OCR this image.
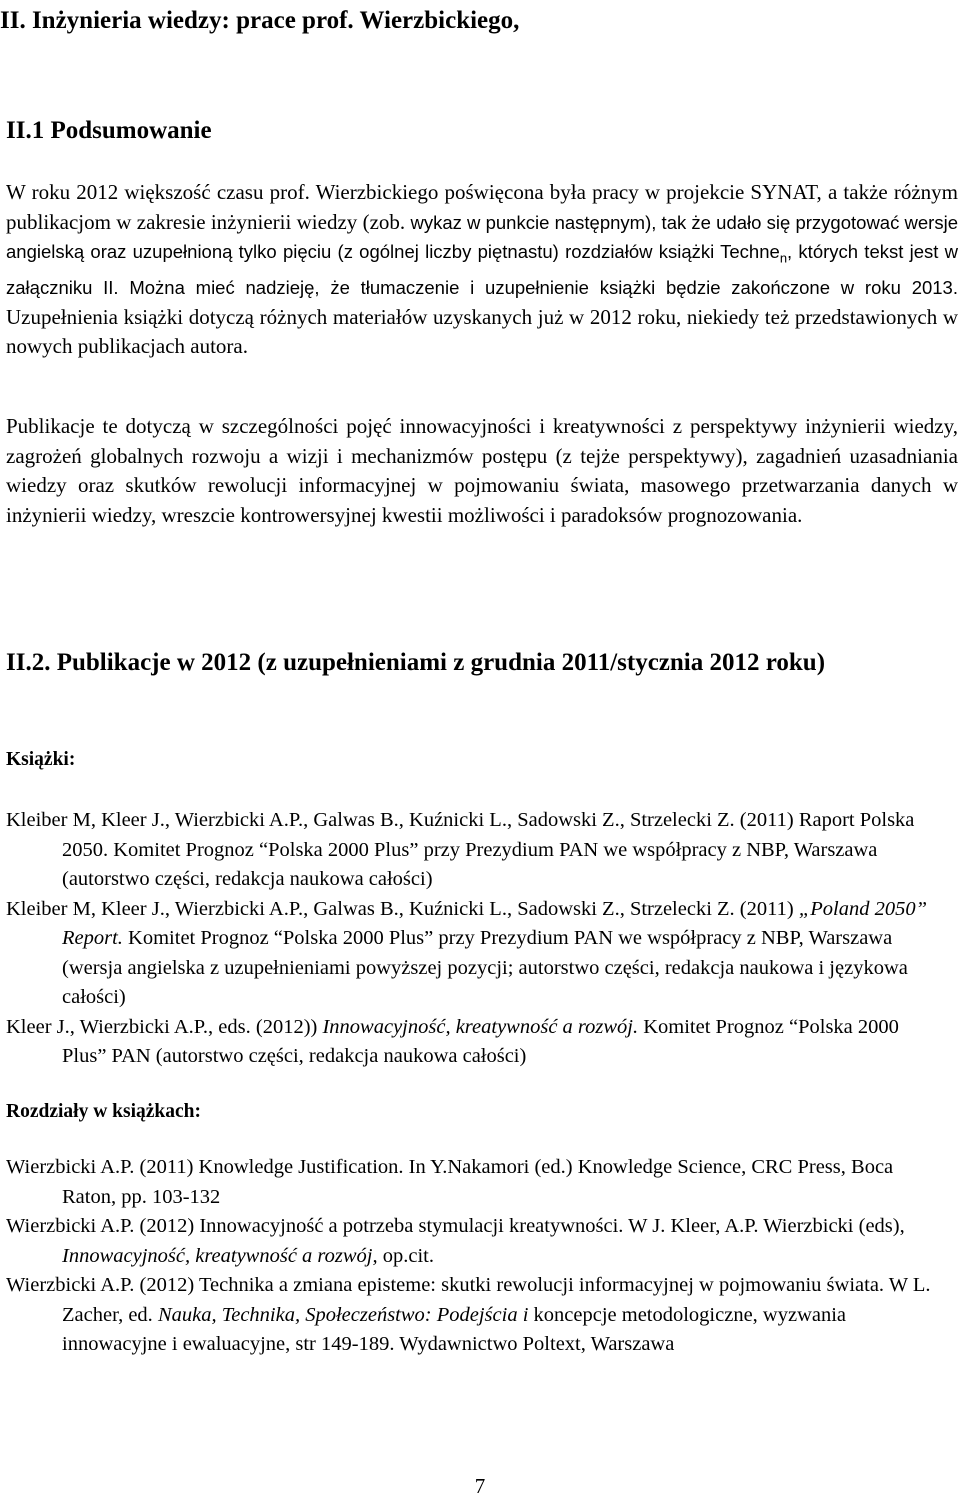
II. Inżynieria wiedzy: prace prof. Wierzbickiego,
II.1 Podsumowanie

W roku 2012 większość czasu prof. Wierzbickiego poświęcona była pracy w projekcie SYNAT, a także różnym publikacjom w zakresie inżynierii wiedzy (zob. wykaz w punkcie następnym), tak że udało się przygotować wersje angielską oraz uzupełnioną tylko pięciu (z ogólnej liczby piętnastu) rozdziałów książki Techne$_n$, których tekst jest w załączniku II. Można mieć nadzieję, że tłumaczenie i uzupełnienie książki będzie zakończone w roku 2013. Uzupełnienia książki dotyczą różnych materiałów uzyskanych już w 2012 roku, niekiedy też przedstawionych w nowych publikacjach autora.

Publikacje te dotyczą w szczególności pojęć innowacyjności i kreatywności z perspektywy inżynierii wiedzy, zagrożeń globalnych rozwoju a wizji i mechanizmów postępu (z tejże perspektywy), zagadnień uzasadniania wiedzy oraz skutków rewolucji informacyjnej w pojmowaniu świata, masowego przetwarzania danych w inżynierii wiedzy, wreszcie kontrowersyjnej kwestii możliwości i paradoksów prognozowania.

II.2. Publikacje w 2012 (z uzupełnieniami z grudnia 2011/stycznia 2012 roku)
Książki:
Kleiber M, Kleer J., Wierzbicki A.P., Galwas B., Kuźnicki L., Sadowski Z., Strzelecki Z. (2011) Raport Polska 2050. Komitet Prognoz “Polska 2000 Plus” przy Prezydium PAN we współpracy z NBP, Warszawa (autorstwo części, redakcja naukowa całości)
Kleiber M, Kleer J., Wierzbicki A.P., Galwas B., Kuźnicki L., Sadowski Z., Strzelecki Z. (2011) „Poland 2050” Report. Komitet Prognoz “Polska 2000 Plus” przy Prezydium PAN we współpracy z NBP, Warszawa (wersja angielska z uzupełnieniami powyższej pozycji; autorstwo części, redakcja naukowa i językowa całości)
Kleer J., Wierzbicki A.P., eds. (2012)) Innowacyjność, kreatywność a rozwój. Komitet Prognoz “Polska 2000 Plus” PAN (autorstwo części, redakcja naukowa całości)
Rozdziały w książkach:
Wierzbicki A.P. (2011) Knowledge Justification. In Y.Nakamori (ed.) Knowledge Science, CRC Press, Boca Raton, pp. 103-132
Wierzbicki A.P. (2012) Innowacyjność a potrzeba stymulacji kreatywności. W J. Kleer, A.P. Wierzbicki (eds), Innowacyjność, kreatywność a rozwój, op.cit.
Wierzbicki A.P. (2012) Technika a zmiana episteme: skutki rewolucji informacyjnej w pojmowaniu świata. W L. Zacher, ed. Nauka, Technika, Społeczeństwo: Podejścia i koncepcje metodologiczne, wyzwania innowacyjne i ewaluacyjne, str 149-189. Wydawnictwo Poltext, Warszawa
7
